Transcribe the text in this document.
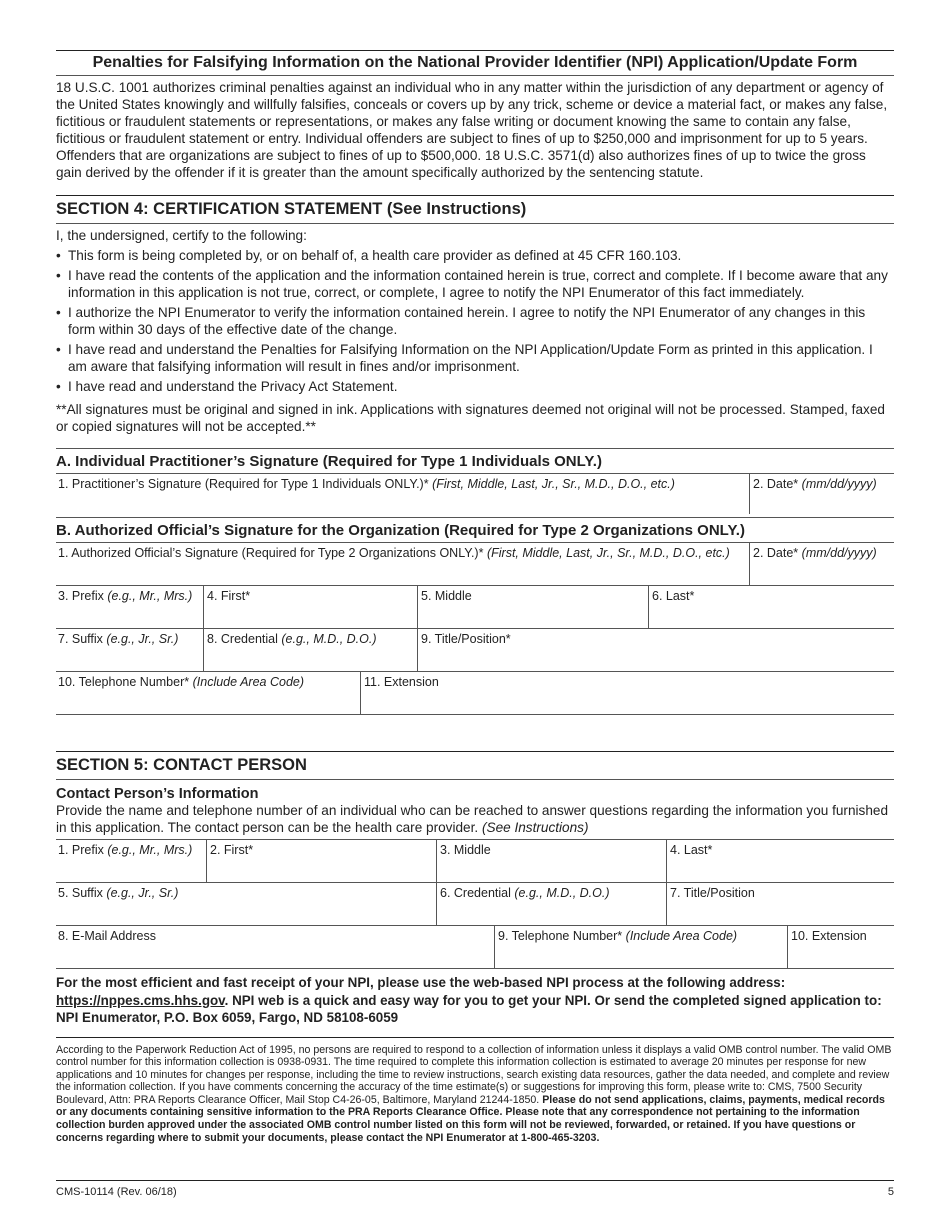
Penalties for Falsifying Information on the National Provider Identifier (NPI) Application/Update Form

18 U.S.C. 1001 authorizes criminal penalties against an individual who in any matter within the jurisdiction of any department or agency of the United States knowingly and willfully falsifies, conceals or covers up by any trick, scheme or device a material fact, or makes any false, fictitious or fraudulent statements or representations, or makes any false writing or document knowing the same to contain any false, fictitious or fraudulent statement or entry. Individual offenders are subject to fines of up to $250,000 and imprisonment for up to 5 years. Offenders that are organizations are subject to fines of up to $500,000. 18 U.S.C. 3571(d) also authorizes fines of up to twice the gross gain derived by the offender if it is greater than the amount specifically authorized by the sentencing statute.

SECTION 4: CERTIFICATION STATEMENT (See Instructions)

I, the undersigned, certify to the following:

• This form is being completed by, or on behalf of, a health care provider as defined at 45 CFR 160.103.
• I have read the contents of the application and the information contained herein is true, correct and complete. If I become aware that any information in this application is not true, correct, or complete, I agree to notify the NPI Enumerator of this fact immediately.
• I authorize the NPI Enumerator to verify the information contained herein. I agree to notify the NPI Enumerator of any changes in this form within 30 days of the effective date of the change.
• I have read and understand the Penalties for Falsifying Information on the NPI Application/Update Form as printed in this application. I am aware that falsifying information will result in fines and/or imprisonment.
• I have read and understand the Privacy Act Statement.

**All signatures must be original and signed in ink. Applications with signatures deemed not original will not be processed. Stamped, faxed or copied signatures will not be accepted.**

A. Individual Practitioner’s Signature (Required for Type 1 Individuals ONLY.)
1. Practitioner’s Signature (Required for Type 1 Individuals ONLY.)* (First, Middle, Last, Jr., Sr., M.D., D.O., etc.)	2. Date* (mm/dd/yyyy)
B. Authorized Official’s Signature for the Organization (Required for Type 2 Organizations ONLY.)
1. Authorized Official’s Signature (Required for Type 2 Organizations ONLY.)* (First, Middle, Last, Jr., Sr., M.D., D.O., etc.)	2. Date* (mm/dd/yyyy)
3. Prefix (e.g., Mr., Mrs.)	4. First*	5. Middle	6. Last*
7. Suffix (e.g., Jr., Sr.)	8. Credential (e.g., M.D., D.O.)	9. Title/Position*
10. Telephone Number* (Include Area Code)	11. Extension
SECTION 5: CONTACT PERSON
Contact Person’s Information

Provide the name and telephone number of an individual who can be reached to answer questions regarding the information you furnished in this application. The contact person can be the health care provider. (See Instructions)

1. Prefix (e.g., Mr., Mrs.)	2. First*	3. Middle	4. Last*
5. Suffix (e.g., Jr., Sr.)	6. Credential (e.g., M.D., D.O.)	7. Title/Position
8. E-Mail Address	9. Telephone Number* (Include Area Code)	10. Extension

For the most efficient and fast receipt of your NPI, please use the web-based NPI process at the following address: https://nppes.cms.hhs.gov. NPI web is a quick and easy way for you to get your NPI. Or send the completed signed application to: NPI Enumerator, P.O. Box 6059, Fargo, ND 58108-6059

According to the Paperwork Reduction Act of 1995, no persons are required to respond to a collection of information unless it displays a valid OMB control number. The valid OMB control number for this information collection is 0938-0931. The time required to complete this information collection is estimated to average 20 minutes per response for new applications and 10 minutes for changes per response, including the time to review instructions, search existing data resources, gather the data needed, and complete and review the information collection. If you have comments concerning the accuracy of the time estimate(s) or suggestions for improving this form, please write to: CMS, 7500 Security Boulevard, Attn: PRA Reports Clearance Officer, Mail Stop C4-26-05, Baltimore, Maryland 21244-1850. Please do not send applications, claims, payments, medical records or any documents containing sensitive information to the PRA Reports Clearance Office. Please note that any correspondence not pertaining to the information collection burden approved under the associated OMB control number listed on this form will not be reviewed, forwarded, or retained. If you have questions or concerns regarding where to submit your documents, please contact the NPI Enumerator at 1-800-465-3203.

CMS-10114 (Rev. 06/18)	5
